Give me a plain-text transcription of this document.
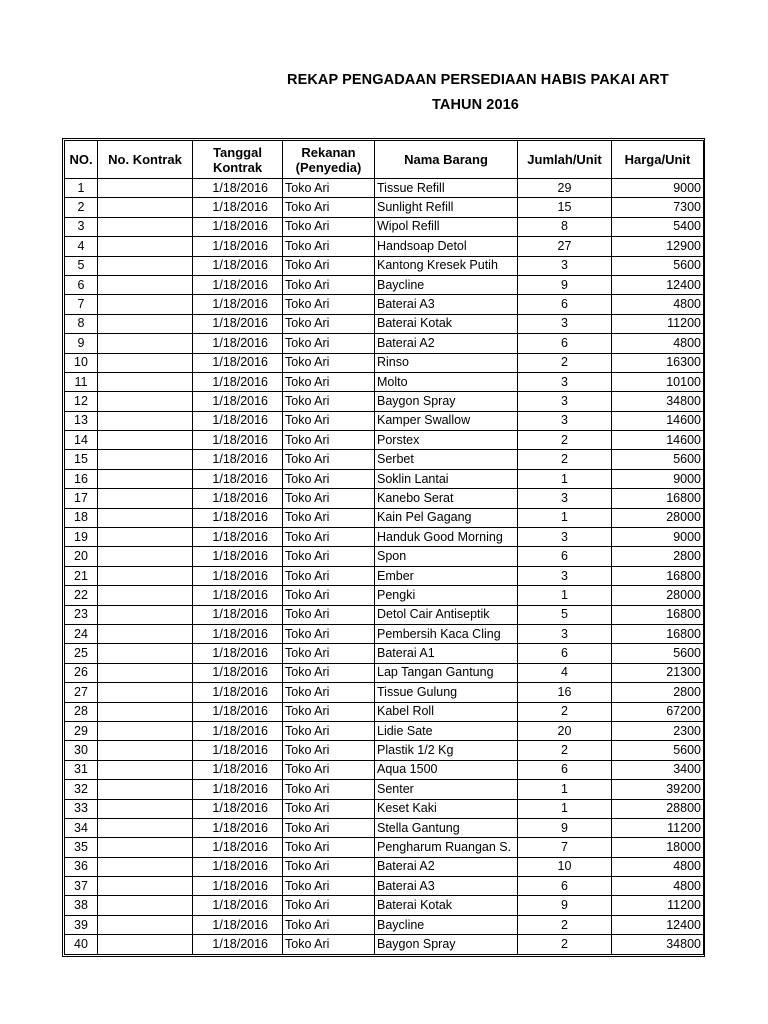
REKAP PENGADAAN PERSEDIAAN HABIS PAKAI ART
TAHUN 2016
NO.	No. Kontrak	Tanggal Kontrak	Rekanan (Penyedia)	Nama Barang	Jumlah/Unit	Harga/Unit
1		1/18/2016	Toko Ari	Tissue Refill	29	9000
2		1/18/2016	Toko Ari	Sunlight Refill	15	7300
3		1/18/2016	Toko Ari	Wipol Refill	8	5400
4		1/18/2016	Toko Ari	Handsoap Detol	27	12900
5		1/18/2016	Toko Ari	Kantong Kresek Putih	3	5600
6		1/18/2016	Toko Ari	Baycline	9	12400
7		1/18/2016	Toko Ari	Baterai A3	6	4800
8		1/18/2016	Toko Ari	Baterai Kotak	3	11200
9		1/18/2016	Toko Ari	Baterai A2	6	4800
10		1/18/2016	Toko Ari	Rinso	2	16300
11		1/18/2016	Toko Ari	Molto	3	10100
12		1/18/2016	Toko Ari	Baygon Spray	3	34800
13		1/18/2016	Toko Ari	Kamper Swallow	3	14600
14		1/18/2016	Toko Ari	Porstex	2	14600
15		1/18/2016	Toko Ari	Serbet	2	5600
16		1/18/2016	Toko Ari	Soklin Lantai	1	9000
17		1/18/2016	Toko Ari	Kanebo Serat	3	16800
18		1/18/2016	Toko Ari	Kain Pel Gagang	1	28000
19		1/18/2016	Toko Ari	Handuk Good Morning	3	9000
20		1/18/2016	Toko Ari	Spon	6	2800
21		1/18/2016	Toko Ari	Ember	3	16800
22		1/18/2016	Toko Ari	Pengki	1	28000
23		1/18/2016	Toko Ari	Detol Cair Antiseptik	5	16800
24		1/18/2016	Toko Ari	Pembersih Kaca Cling	3	16800
25		1/18/2016	Toko Ari	Baterai A1	6	5600
26		1/18/2016	Toko Ari	Lap Tangan Gantung	4	21300
27		1/18/2016	Toko Ari	Tissue Gulung	16	2800
28		1/18/2016	Toko Ari	Kabel Roll	2	67200
29		1/18/2016	Toko Ari	Lidie Sate	20	2300
30		1/18/2016	Toko Ari	Plastik 1/2 Kg	2	5600
31		1/18/2016	Toko Ari	Aqua 1500	6	3400
32		1/18/2016	Toko Ari	Senter	1	39200
33		1/18/2016	Toko Ari	Keset Kaki	1	28800
34		1/18/2016	Toko Ari	Stella Gantung	9	11200
35		1/18/2016	Toko Ari	Pengharum Ruangan S.	7	18000
36		1/18/2016	Toko Ari	Baterai A2	10	4800
37		1/18/2016	Toko Ari	Baterai A3	6	4800
38		1/18/2016	Toko Ari	Baterai Kotak	9	11200
39		1/18/2016	Toko Ari	Baycline	2	12400
40		1/18/2016	Toko Ari	Baygon Spray	2	34800
